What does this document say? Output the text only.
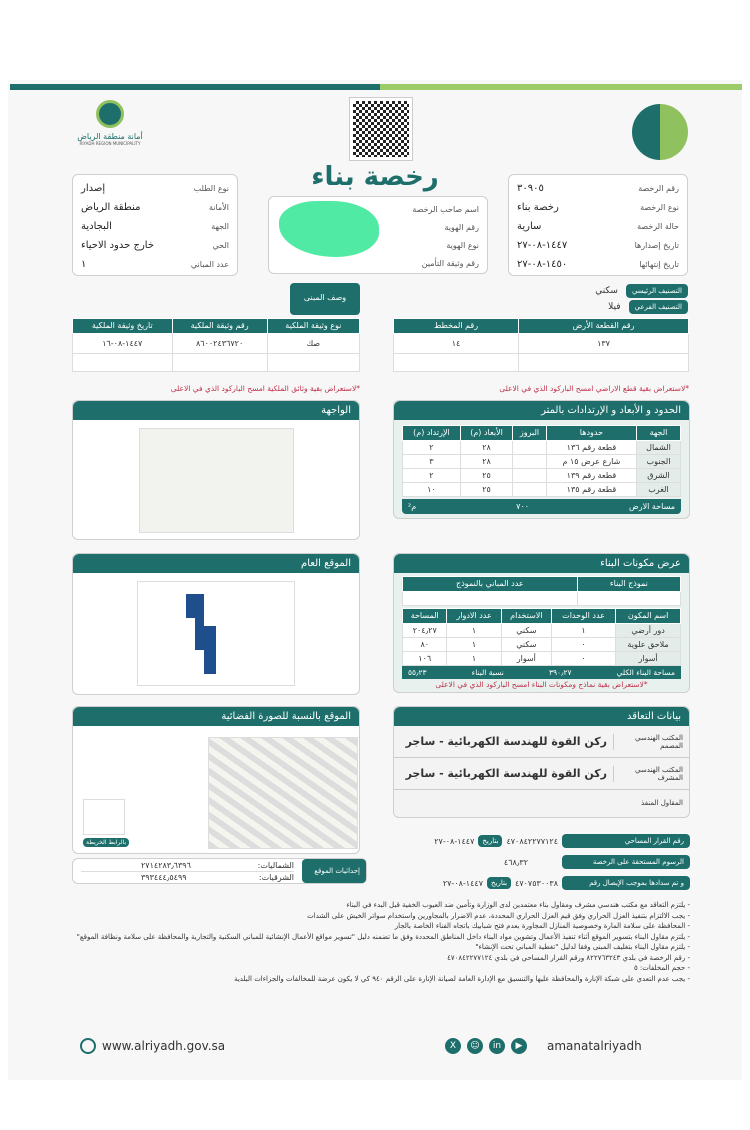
أمانة منطقة الرياض
RIYADH REGION MUNICIPALITY
رخصة بناء	رقم الرخصة
٣٠٩٠٥
نوع الرخصة
رخصة بناء
حالة الرخصة
سارية
تاريخ إصدارها
١٤٤٧-٠٨-٢٧
تاريخ إنتهائها
١٤٥٠-٠٨-٢٧
اسم صاحب الرخصة
رقم الهوية
نوع الهوية
رقم وثيقة التأمين
نوع الطلب
إصدار
الأمانة
منطقة الرياض
الجهة
البجادية
الحي
خارج حدود الاحياء
عدد المباني
١
التصنيف الرئيسي
سكني
التصنيف الفرعي
فيلا
وصف المبنى
رقم القطعة الأرض	رقم المخطط
١٣٧	١٤

نوع وثيقة الملكية	رقم وثيقة الملكية	تاريخ وثيقة الملكية
صك	٨٦٠٠٢٤٣٦٧٢٠	١٤٤٧-٠٨-١٦

*لاستعراض بقية قطع الاراضي امسح الباركود الذي في الاعلى
*لاستعراض بقية وثائق الملكية امسح الباركود الذي في الاعلى
الحدود و الأبعاد و الإرتدادات بالمتر
الجهة	حدودها	البروز	الأبعاد (م)	الإرتداد (م)
الشمال	قطعة رقم ١٣٦		٢٨	٢
الجنوب	شارع عرض ١٥ م		٢٨	٣
الشرق	قطعة رقم ١٣٩		٢٥	٢
الغرب	قطعة رقم ١٣٥		٢٥	١٠
مساحة الارض
٧٠٠
م²
الواجهة
عرض مكونات البناء
نموذج البناء	عدد المباني بالنموذج

اسم المكون	عدد الوحدات	الاستخدام	عدد الادوار	المساحة
دور أرضي	١	سكني	١	٢٠٤٫٢٧
ملاحق علوية	٠	سكني	١	٨٠
أسوار	٠	أسوار	١	١٠٦
مساحة البناء الكلي
٣٩٠٫٢٧
نسبة البناء
٥٥٫٢٣
*لاستعراض بقية نماذج ومكونات البناء امسح الباركود الذي في الاعلى
الموقع العام
بيانات التعاقد
المكتب الهندسي المصمم
ركن القوة للهندسة الكهربائية - ساجر
المكتب الهندسي المشرف
ركن القوة للهندسة الكهربائية - ساجر
المقاول المنفذ
الموقع بالنسبة للصورة الفضائية
بالرابط الخريطة
إحداثيات الموقع
الشماليات:
٢٧١٤٢٨٣٫٦٣٩٦
الشرقيات:
٣٩٣٤٤٤٫٥٤٩٩
رقم القرار المساحي
٤٧٠٨٤٢٢٧٧١٢٤
بتاريخ
١٤٤٧-٠٨-٢٧
الرسوم المستحقة على الرخصة
٤٦٨٫٣٢
و تم سدادها بموجب الإيصال رقم
٤٧٠٧٥٣٠٠٣٨
بتاريخ
١٤٤٧-٠٨-٢٧
- يلتزم التعاقد مع مكتب هندسي مشرف ومقاول بناء معتمدين لدى الوزارة وتأمين ضد العيوب الخفية قبل البدء في البناء
- يجب الالتزام بتنفيذ العزل الحراري وفق قيم العزل الحراري المحددة، عدم الاضرار بالمجاورين واستخدام سواتر الخيش على الشدات
- المحافظة على سلامة المارة وخصوصية المنازل المجاورة بعدم فتح شبابيك باتجاه الفناء الخاصة بالجار
- يلتزم مقاول البناء بتسوير الموقع أثناء تنفيذ الأعمال وتشوين مواد البناء داخل المناطق المحددة وفق ما تضمنه دليل "تسوير مواقع الأعمال الإنشائية للمباني السكنية والتجارية والمحافظة على سلامة ونظافة الموقع"
- يلتزم مقاول البناء بتغليف المبنى وفقا لدليل "تغطية المباني تحت الإنشاء"
- رقم الرخصة في بلدي ٨٢٢٧٦٣٢٤٣ ورقم القرار المساحي في بلدي ٤٧٠٨٤٢٢٧٧١٢٤
- حجم المخلفات: ٥
- يجب عدم التعدي على شبكة الإنارة والمحافظة عليها والتنسيق مع الإدارة العامة لصيانة الإنارة على الرقم ٩٤٠ كي لا يكون عرضة للمخالفات والجزاءات البلدية
www.alriyadh.gov.sa	X	☺	in	▶	amanatalriyadh
